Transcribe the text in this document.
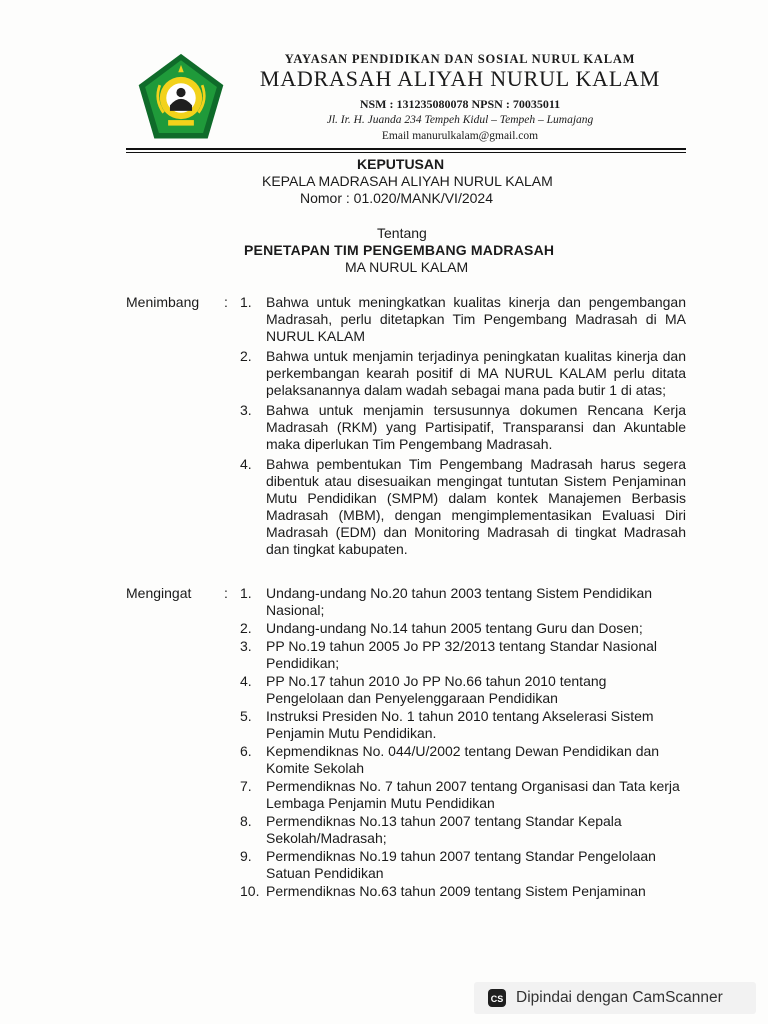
YAYASAN PENDIDIKAN DAN SOSIAL NURUL KALAM
MADRASAH ALIYAH NURUL KALAM
NSM : 131235080078 NPSN : 70035011
Jl. Ir. H. Juanda 234 Tempeh Kidul – Tempeh – Lumajang
Email manurulkalam@gmail.com
KEPUTUSAN
KEPALA MADRASAH ALIYAH NURUL KALAM
Nomor : 01.020/MANK/VI/2024
Tentang
PENETAPAN TIM PENGEMBANG MADRASAH
MA NURUL KALAM
Menimbang : 1.	Bahwa untuk meningkatkan kualitas kinerja dan pengembangan Madrasah, perlu ditetapkan Tim Pengembang Madrasah di MA NURUL KALAM
2.	Bahwa untuk menjamin terjadinya peningkatan kualitas kinerja dan perkembangan kearah positif di MA NURUL KALAM perlu ditata pelaksanannya dalam wadah sebagai mana pada butir 1 di atas;
3.	Bahwa untuk menjamin tersusunnya dokumen Rencana Kerja Madrasah (RKM) yang Partisipatif, Transparansi dan Akuntable maka diperlukan Tim Pengembang Madrasah.
4.	Bahwa pembentukan Tim Pengembang Madrasah harus segera dibentuk atau disesuaikan mengingat tuntutan Sistem Penjaminan Mutu Pendidikan (SMPM) dalam kontek Manajemen Berbasis Madrasah (MBM), dengan mengimplementasikan Evaluasi Diri Madrasah (EDM) dan Monitoring Madrasah di tingkat Madrasah dan tingkat kabupaten.
Mengingat : 1.	Undang-undang No.20 tahun 2003 tentang Sistem Pendidikan Nasional;
2.	Undang-undang No.14 tahun 2005 tentang Guru dan Dosen;
3.	PP No.19 tahun 2005 Jo PP 32/2013 tentang Standar Nasional Pendidikan;
4.	PP No.17 tahun 2010 Jo PP No.66 tahun 2010 tentang Pengelolaan dan Penyelenggaraan Pendidikan
5.	Instruksi Presiden No. 1 tahun 2010 tentang Akselerasi Sistem Penjamin Mutu Pendidikan.
6.	Kepmendiknas No. 044/U/2002 tentang Dewan Pendidikan dan Komite Sekolah
7.	Permendiknas No. 7 tahun 2007 tentang Organisasi dan Tata kerja Lembaga Penjamin Mutu Pendidikan
8.	Permendiknas No.13 tahun 2007 tentang Standar Kepala Sekolah/Madrasah;
9.	Permendiknas No.19 tahun 2007 tentang Standar Pengelolaan Satuan Pendidikan
10. Permendiknas No.63 tahun 2009 tentang Sistem Penjaminan
CS Dipindai dengan CamScanner
